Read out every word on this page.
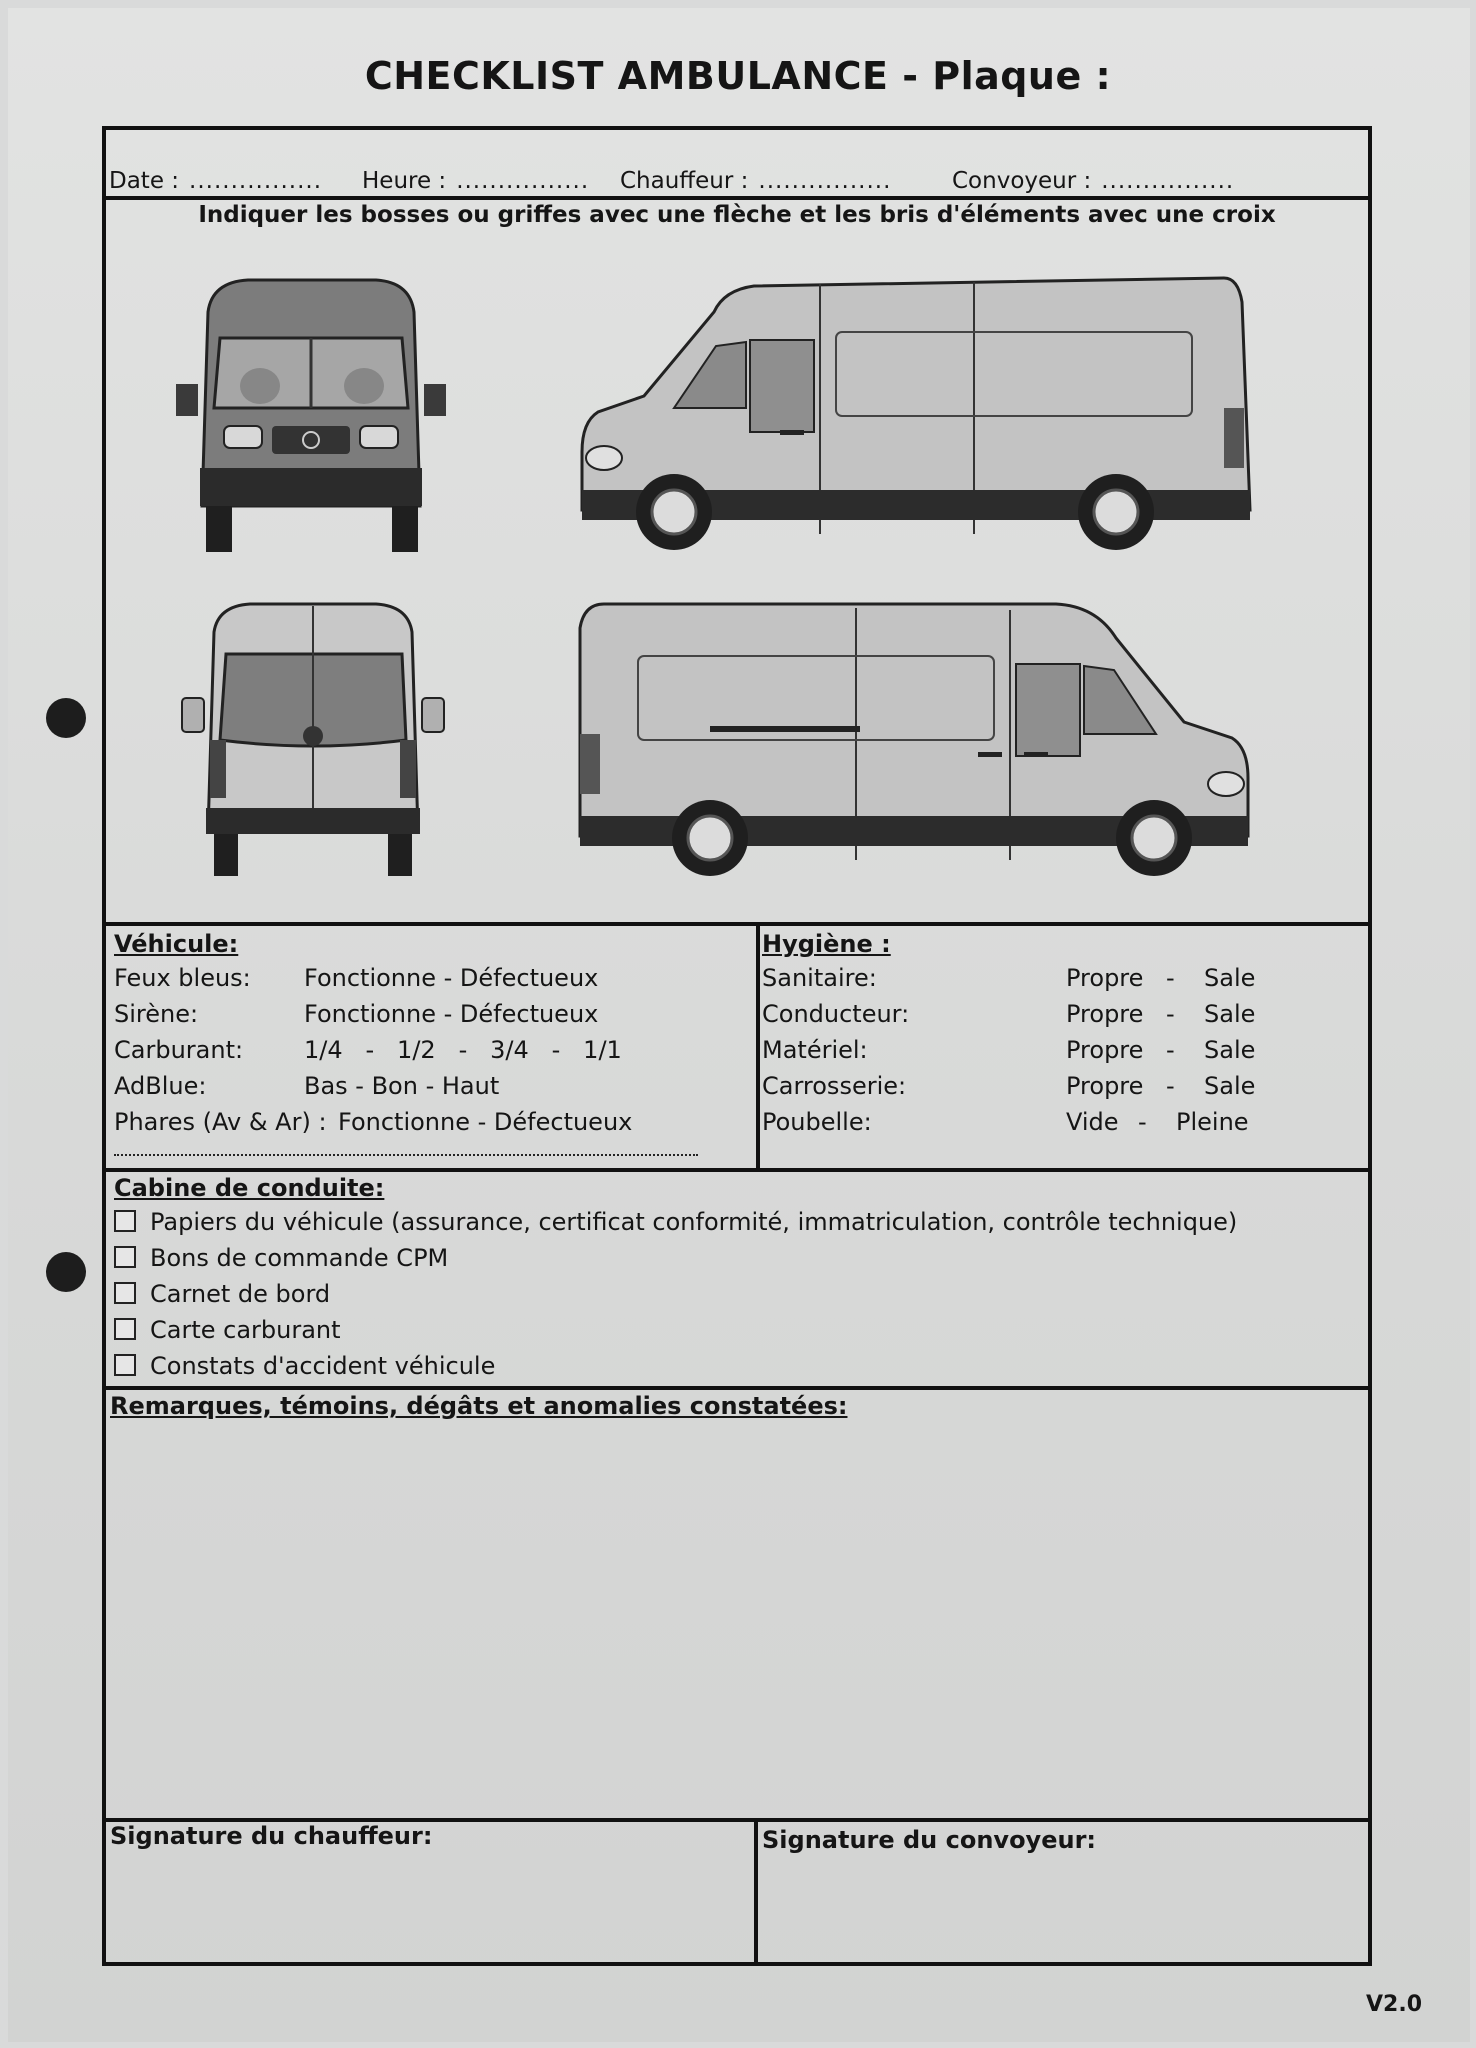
CHECKLIST AMBULANCE - Plaque :
Date : ................ Heure : ................ Chauffeur : ................	Convoyeur : ................
Indiquer les bosses ou griffes avec une flèche et les bris d'éléments avec une croix
Véhicule:
Feux bleus: Fonctionne - Défectueux
Sirène:	Fonctionne - Défectueux
Carburant:	1/4   -   1/2   -   3/4   -   1/1
AdBlue:	Bas - Bon - Haut
Phares (Av & Ar) : Fonctionne - Défectueux
Hygiène :
Sanitaire:	Propre - Sale
Conducteur:	Propre - Sale
Matériel:	Propre - Sale
Carrosserie:	Propre - Sale
Poubelle:	Vide - Pleine
Cabine de conduite:
Papiers du véhicule (assurance, certificat conformité, immatriculation, contrôle technique)
Bons de commande CPM
Carnet de bord
Carte carburant
Constats d'accident véhicule
Remarques, témoins, dégâts et anomalies constatées:
Signature du chauffeur:	Signature du convoyeur:
V2.0
